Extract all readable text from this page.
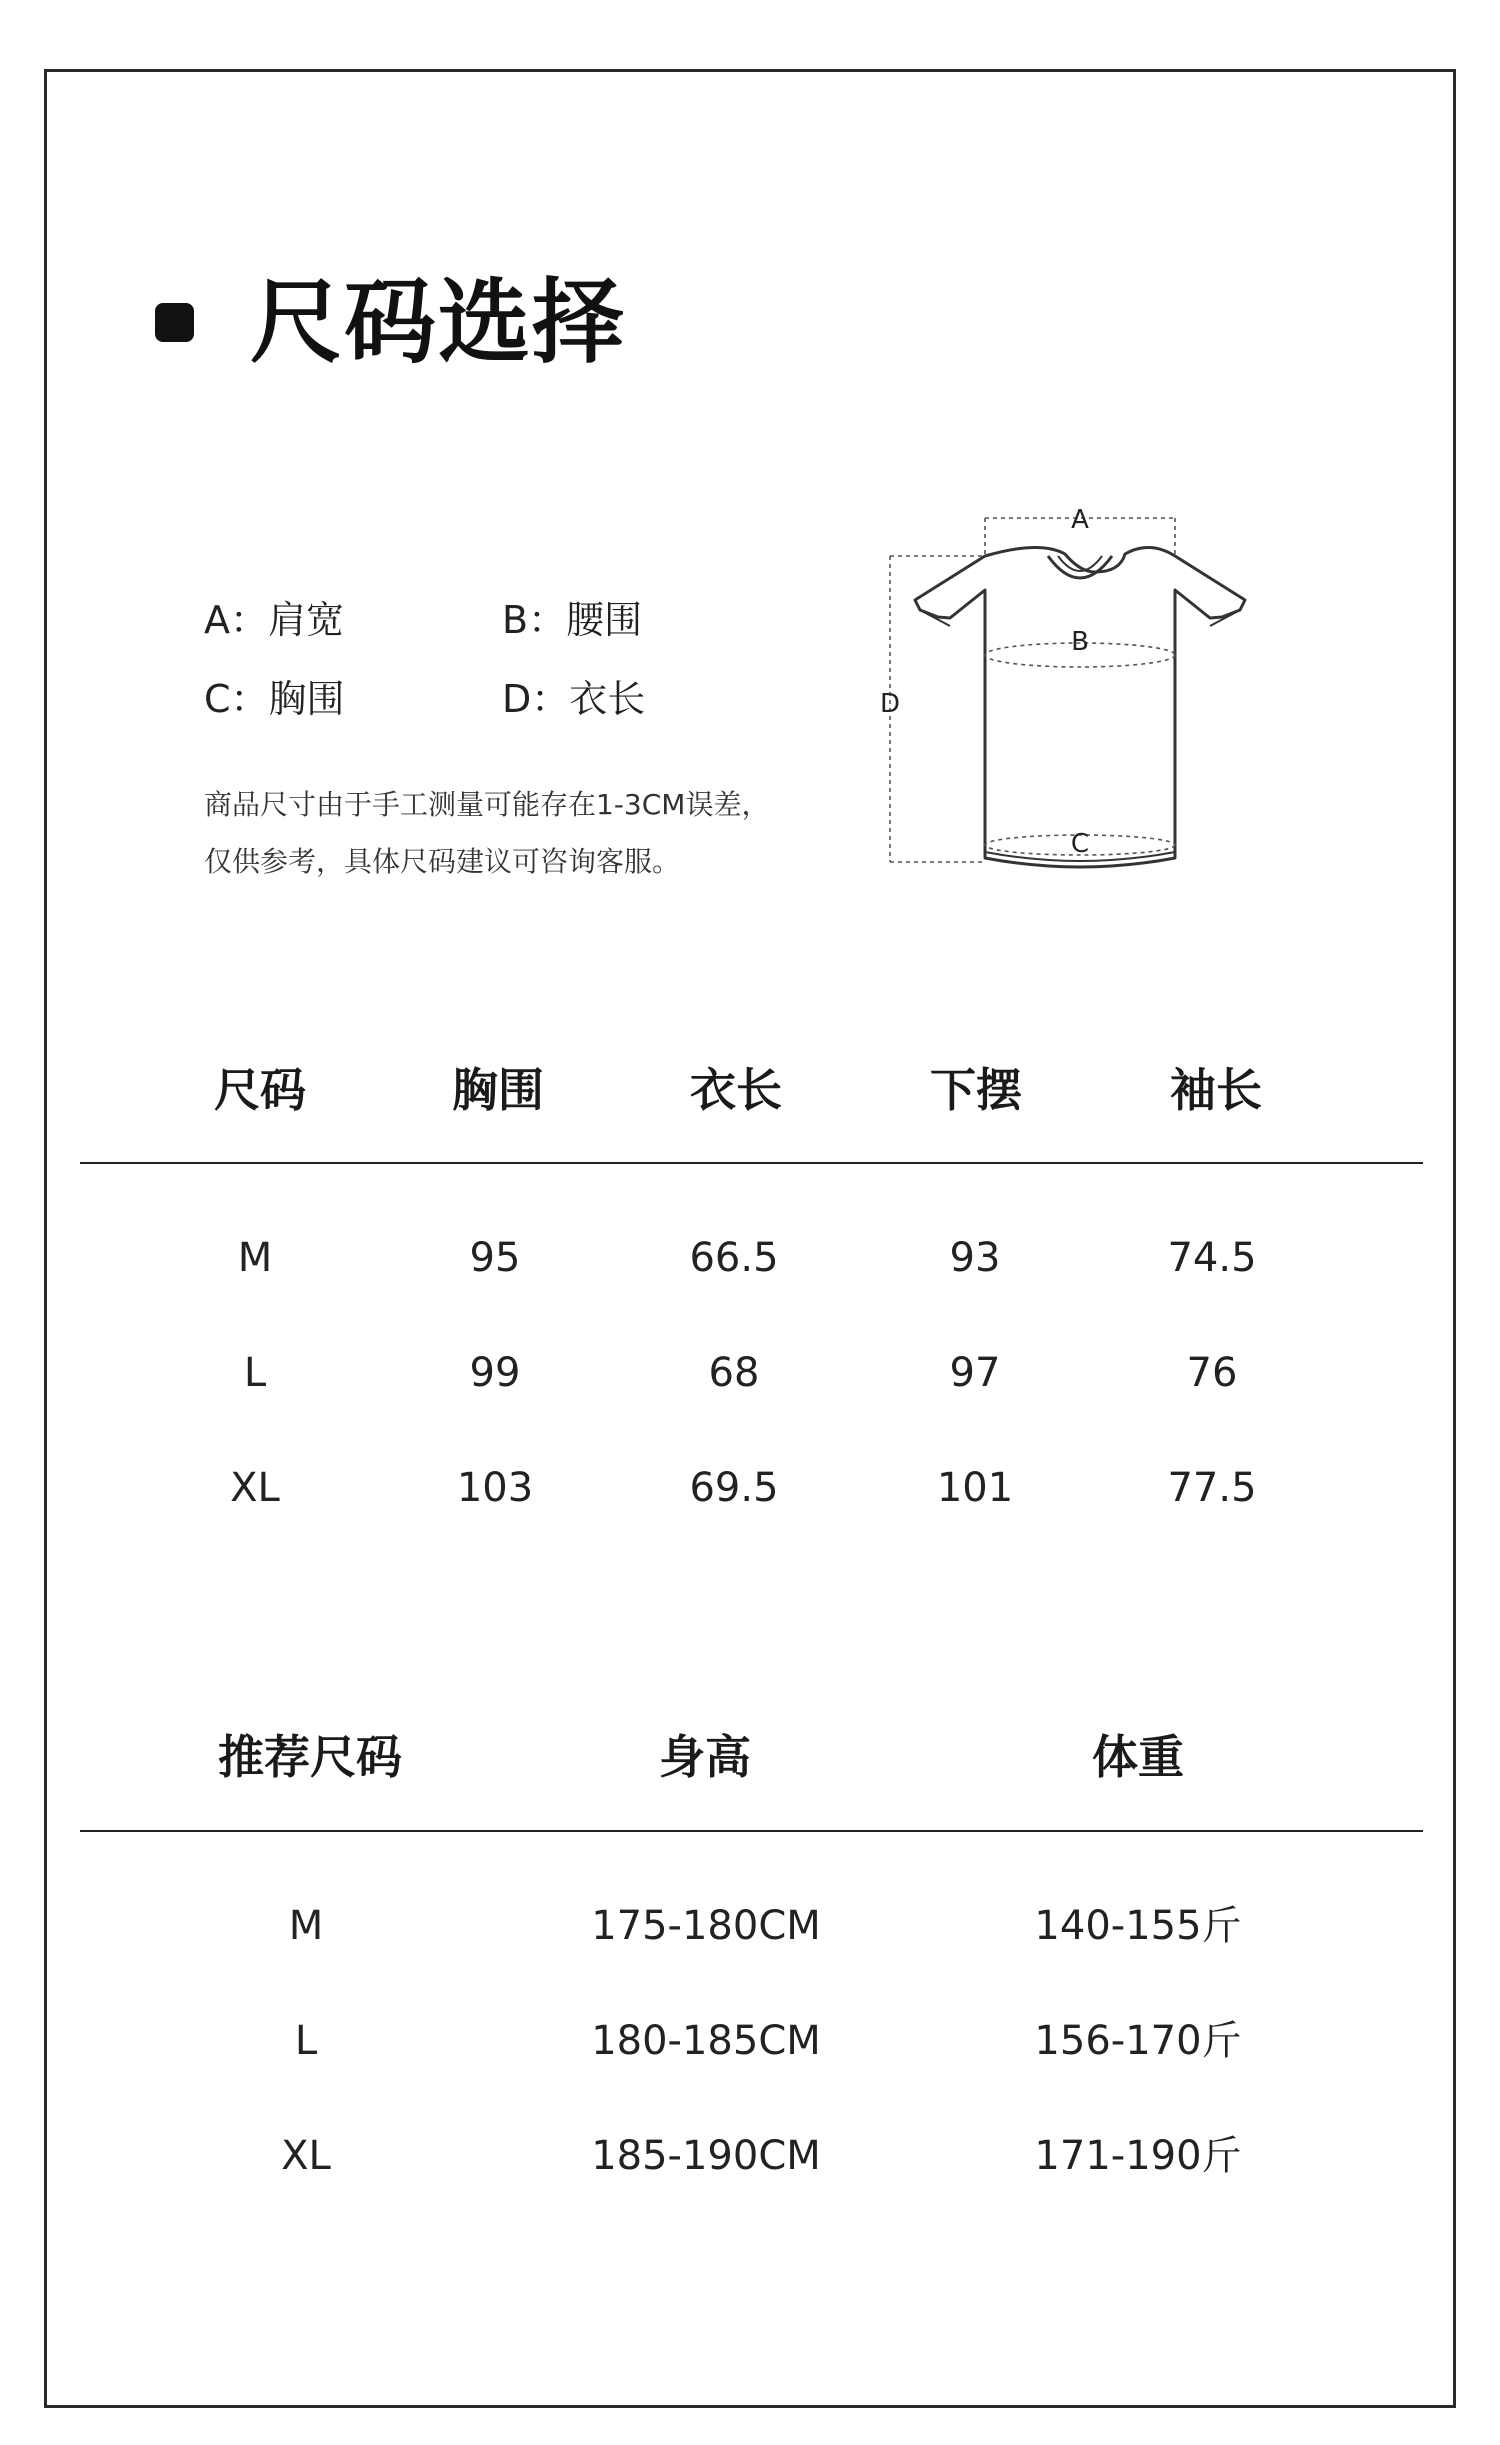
尺码选择
A：肩宽	B：腰围
C：胸围	D：衣长
商品尺寸由于手工测量可能存在1-3CM误差，
仅供参考，具体尺码建议可咨询客服。
A
B
C
D
尺码	胸围	衣长	下摆	袖长
M	95	66.5	93	74.5
L	99	68	97	76
XL	103	69.5	101	77.5
推荐尺码	身高	体重
M	175-180CM	140-155斤
L	180-185CM	156-170斤
XL	185-190CM	171-190斤
